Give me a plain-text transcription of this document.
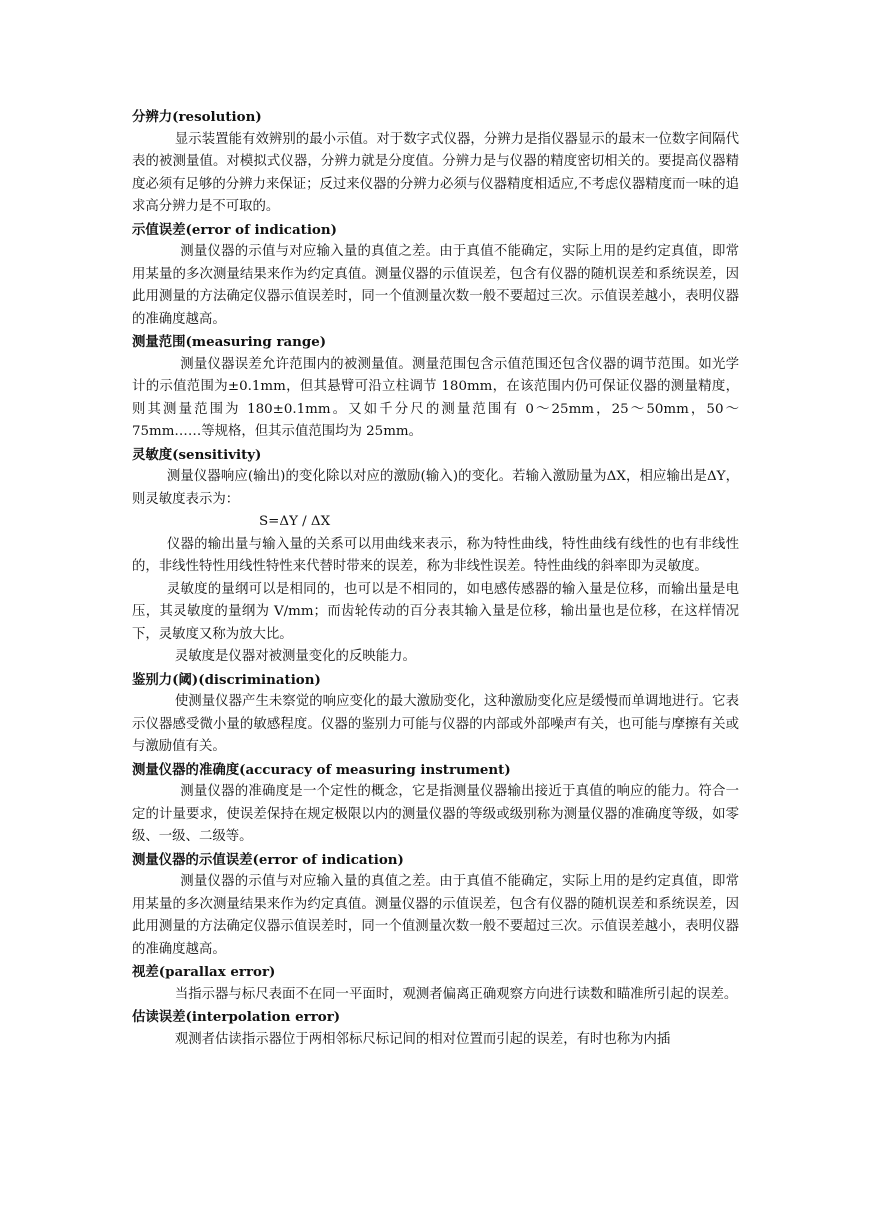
分辨力(resolution)

显示装置能有效辨别的最小示值。对于数字式仪器，分辨力是指仪器显示的最末一位数字间隔代表的被测量值。对模拟式仪器，分辨力就是分度值。分辨力是与仪器的精度密切相关的。要提高仪器精度必须有足够的分辨力来保证；反过来仪器的分辨力必须与仪器精度相适应,不考虑仪器精度而一味的追求高分辨力是不可取的。

示值误差(error of indication)

测量仪器的示值与对应输入量的真值之差。由于真值不能确定，实际上用的是约定真值，即常用某量的多次测量结果来作为约定真值。测量仪器的示值误差，包含有仪器的随机误差和系统误差，因此用测量的方法确定仪器示值误差时，同一个值测量次数一般不要超过三次。示值误差越小，表明仪器的准确度越高。

测量范围(measuring range)

测量仪器误差允许范围内的被测量值。测量范围包含示值范围还包含仪器的调节范围。如光学计的示值范围为±0.1mm，但其悬臂可沿立柱调节 180mm，在该范围内仍可保证仪器的测量精度，则其测量范围为 180±0.1mm。又如千分尺的测量范围有 0～25mm，25～50mm，50～75mm……等规格，但其示值范围均为 25mm。

灵敏度(sensitivity)

测量仪器响应(输出)的变化除以对应的激励(输入)的变化。若输入激励量为ΔX，相应输出是ΔY，则灵敏度表示为：

S=ΔY / ΔX

仪器的输出量与输入量的关系可以用曲线来表示，称为特性曲线，特性曲线有线性的也有非线性的，非线性特性用线性特性来代替时带来的误差，称为非线性误差。特性曲线的斜率即为灵敏度。

灵敏度的量纲可以是相同的，也可以是不相同的，如电感传感器的输入量是位移，而输出量是电压，其灵敏度的量纲为 V/mm；而齿轮传动的百分表其输入量是位移，输出量也是位移，在这样情况下，灵敏度又称为放大比。

灵敏度是仪器对被测量变化的反映能力。

鉴别力(阈)(discrimination)

使测量仪器产生未察觉的响应变化的最大激励变化，这种激励变化应是缓慢而单调地进行。它表示仪器感受微小量的敏感程度。仪器的鉴别力可能与仪器的内部或外部噪声有关，也可能与摩擦有关或与激励值有关。

测量仪器的准确度(accuracy of measuring instrument)

测量仪器的准确度是一个定性的概念，它是指测量仪器输出接近于真值的响应的能力。符合一定的计量要求，使误差保持在规定极限以内的测量仪器的等级或级别称为测量仪器的准确度等级，如零级、一级、二级等。

测量仪器的示值误差(error of indication)

测量仪器的示值与对应输入量的真值之差。由于真值不能确定，实际上用的是约定真值，即常用某量的多次测量结果来作为约定真值。测量仪器的示值误差，包含有仪器的随机误差和系统误差，因此用测量的方法确定仪器示值误差时，同一个值测量次数一般不要超过三次。示值误差越小，表明仪器的准确度越高。

视差(parallax error)

当指示器与标尺表面不在同一平面时，观测者偏离正确观察方向进行读数和瞄准所引起的误差。

估读误差(interpolation error)

观测者估读指示器位于两相邻标尺标记间的相对位置而引起的误差，有时也称为内插
